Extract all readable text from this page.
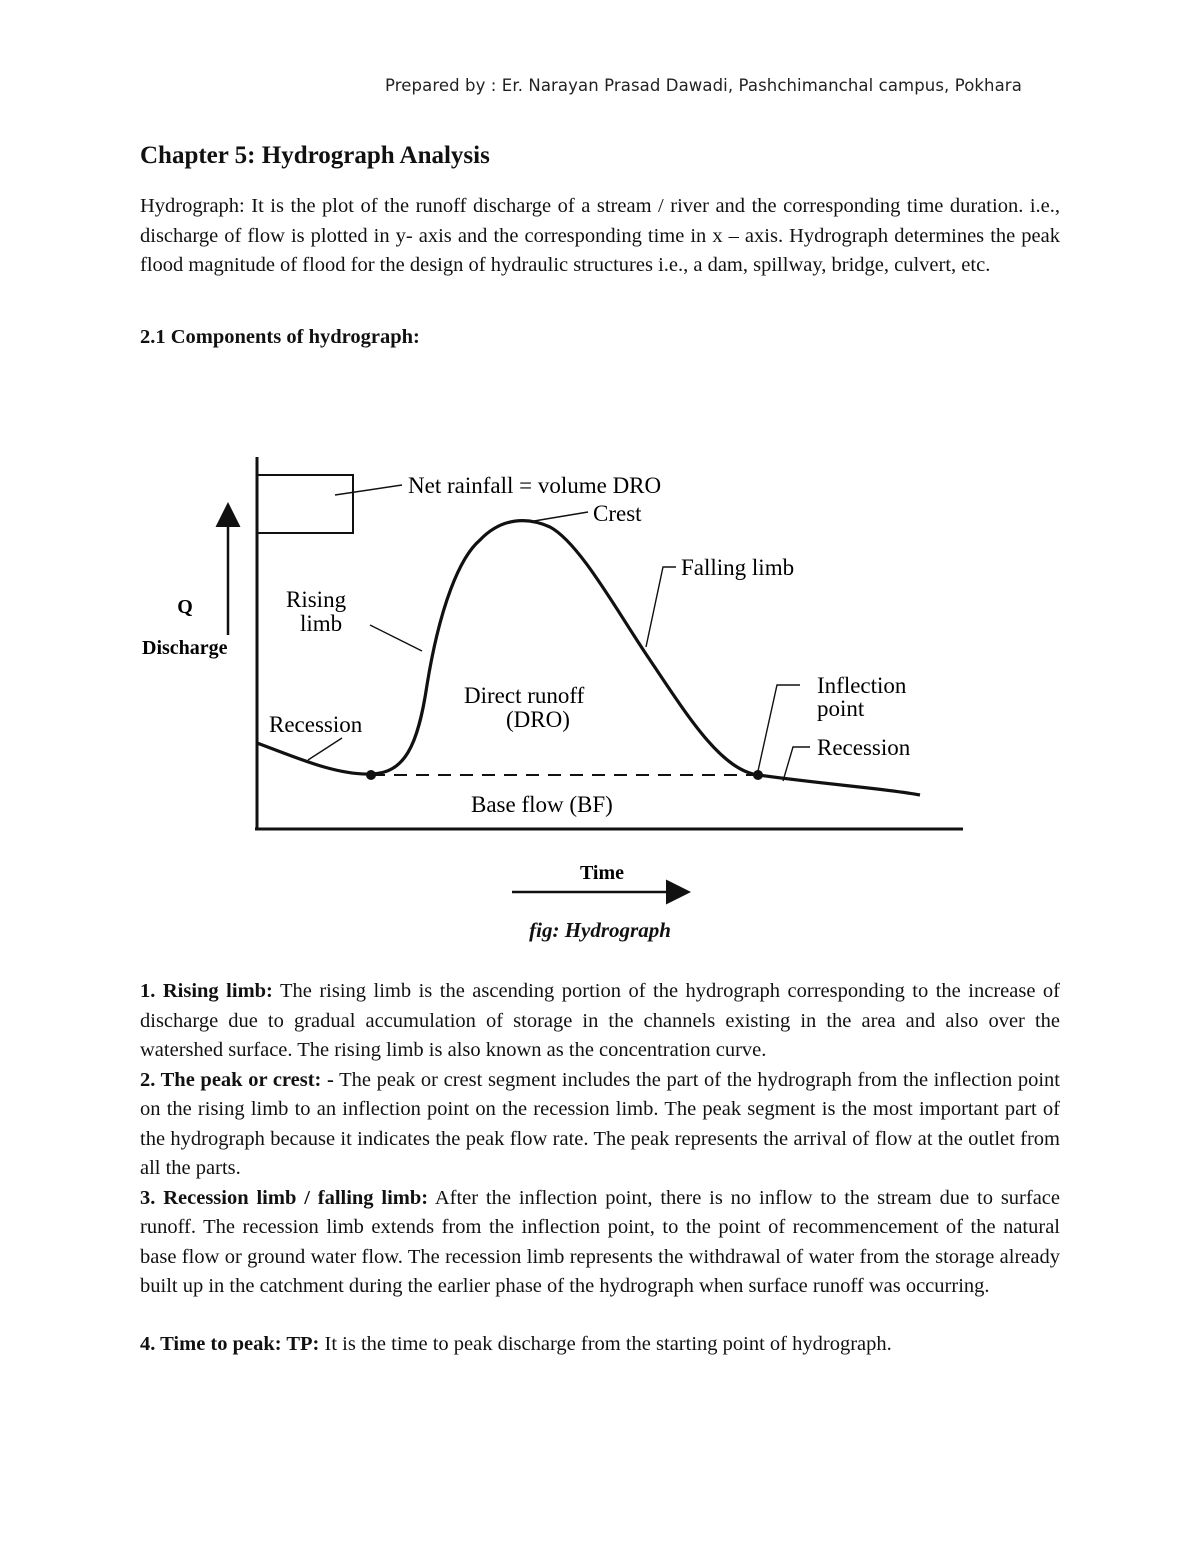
Prepared by : Er. Narayan Prasad Dawadi, Pashchimanchal campus, Pokhara
Chapter 5: Hydrograph Analysis

Hydrograph: It is the plot of the runoff discharge of a stream / river and the corresponding time duration. i.e., discharge of flow is plotted in y- axis and the corresponding time in x – axis. Hydrograph determines the peak flood magnitude of flood for the design of hydraulic structures i.e., a dam, spillway, bridge, culvert, etc.

2.1 Components of hydrograph:
Q
Discharge
Net rainfall = volume DRO
Crest
Falling limb
Rising
limb
Direct runoff
(DRO)
Inflection
point
Recession
Recession
Base flow (BF)
Time
fig: Hydrograph

1. Rising limb: The rising limb is the ascending portion of the hydrograph corresponding to the increase of discharge due to gradual accumulation of storage in the channels existing in the area and also over the watershed surface. The rising limb is also known as the concentration curve.

2. The peak or crest: - The peak or crest segment includes the part of the hydrograph from the inflection point on the rising limb to an inflection point on the recession limb. The peak segment is the most important part of the hydrograph because it indicates the peak flow rate. The peak represents the arrival of flow at the outlet from all the parts.

3. Recession limb / falling limb: After the inflection point, there is no inflow to the stream due to surface runoff. The recession limb extends from the inflection point, to the point of recommencement of the natural base flow or ground water flow. The recession limb represents the withdrawal of water from the storage already built up in the catchment during the earlier phase of the hydrograph when surface runoff was occurring.

4. Time to peak: TP: It is the time to peak discharge from the starting point of hydrograph.
